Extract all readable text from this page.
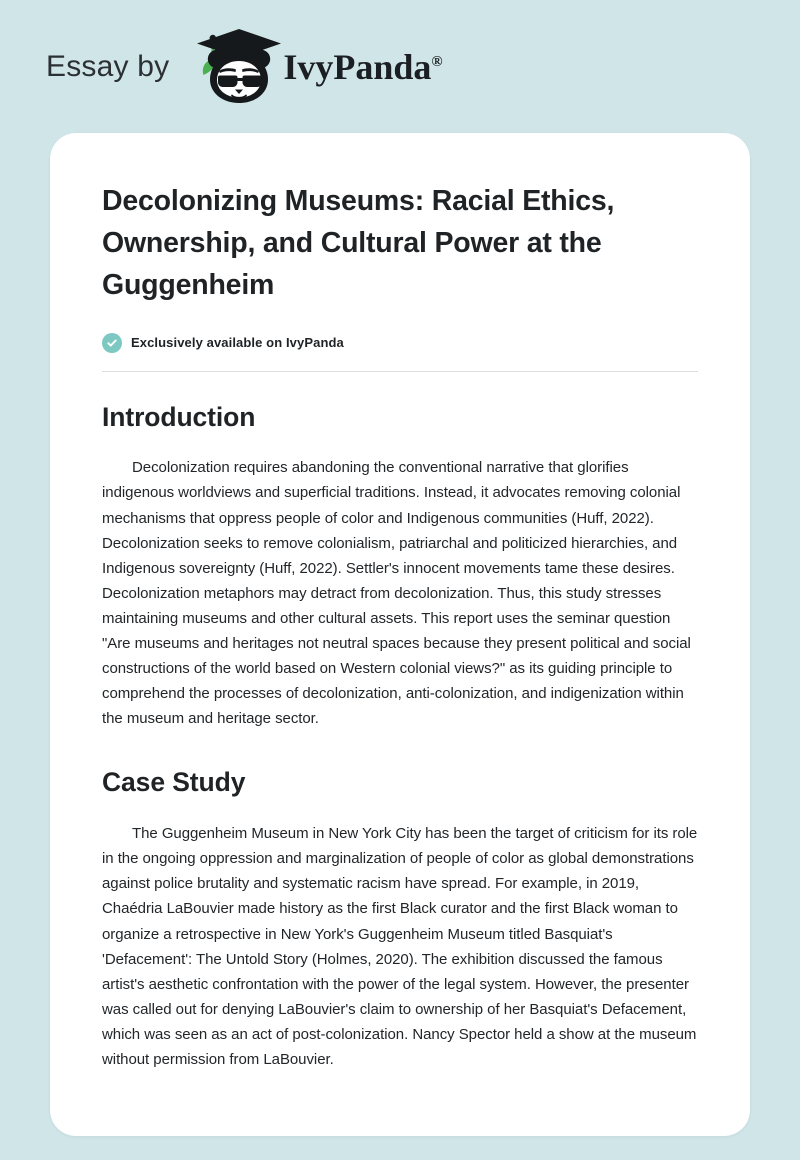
Essay by	IvyPanda®
Decolonizing Museums: Racial Ethics, Ownership, and Cultural Power at the Guggenheim
Exclusively available on IvyPanda
Introduction

Decolonization requires abandoning the conventional narrative that glorifies indigenous worldviews and superficial traditions. Instead, it advocates removing colonial mechanisms that oppress people of color and Indigenous communities (Huff, 2022). Decolonization seeks to remove colonialism, patriarchal and politicized hierarchies, and Indigenous sovereignty (Huff, 2022). Settler's innocent movements tame these desires. Decolonization metaphors may detract from decolonization. Thus, this study stresses maintaining museums and other cultural assets. This report uses the seminar question "Are museums and heritages not neutral spaces because they present political and social constructions of the world based on Western colonial views?" as its guiding principle to comprehend the processes of decolonization, anti-colonization, and indigenization within the museum and heritage sector.

Case Study

The Guggenheim Museum in New York City has been the target of criticism for its role in the ongoing oppression and marginalization of people of color as global demonstrations against police brutality and systematic racism have spread. For example, in 2019, Chaédria LaBouvier made history as the first Black curator and the first Black woman to organize a retrospective in New York's Guggenheim Museum titled Basquiat's 'Defacement': The Untold Story (Holmes, 2020). The exhibition discussed the famous artist's aesthetic confrontation with the power of the legal system. However, the presenter was called out for denying LaBouvier's claim to ownership of her Basquiat's Defacement, which was seen as an act of post-colonization. Nancy Spector held a show at the museum without permission from LaBouvier.
